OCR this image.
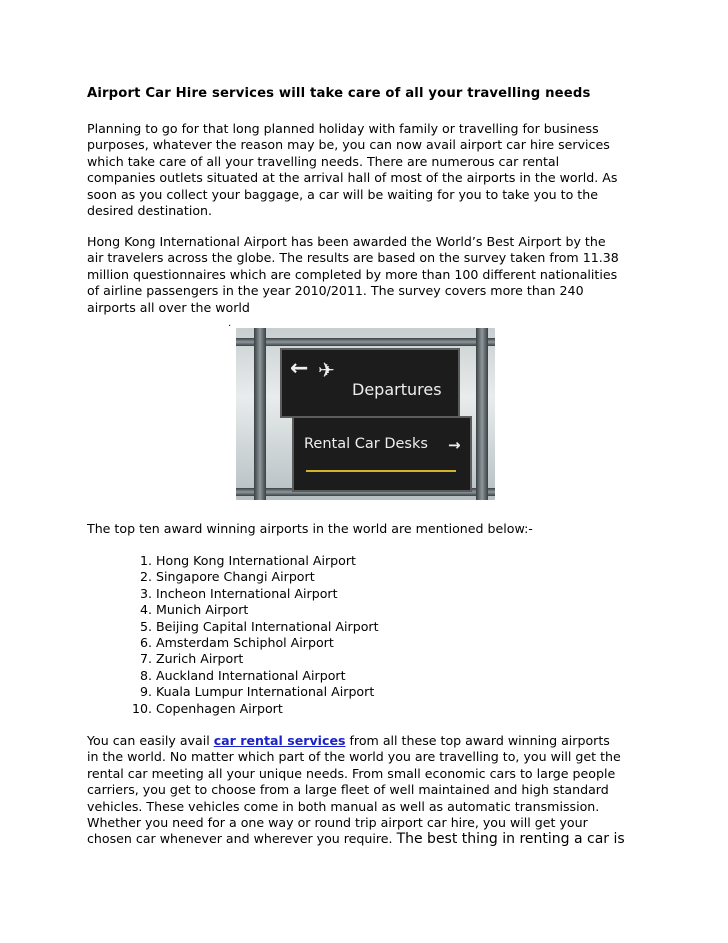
Airport Car Hire services will take care of all your travelling needs

Planning to go for that long planned holiday with family or travelling for business
purposes, whatever the reason may be, you can now avail airport car hire services
which take care of all your travelling needs. There are numerous car rental
companies outlets situated at the arrival hall of most of the airports in the world. As
soon as you collect your baggage, a car will be waiting for you to take you to the
desired destination.

Hong Kong International Airport has been awarded the World’s Best Airport by the
air travelers across the globe. The results are based on the survey taken from 11.38
million questionnaires which are completed by more than 100 different nationalities
of airline passengers in the year 2010/2011. The survey covers more than 240
airports all over the world

.
← ✈
Departures
Rental Car Desks →
The top ten award winning airports in the world are mentioned below:-
1. Hong Kong International Airport
2. Singapore Changi Airport
3. Incheon International Airport
4. Munich Airport
5. Beijing Capital International Airport
6. Amsterdam Schiphol Airport
7. Zurich Airport
8. Auckland International Airport
9. Kuala Lumpur International Airport
10. Copenhagen Airport

You can easily avail car rental services from all these top award winning airports
in the world. No matter which part of the world you are travelling to, you will get the
rental car meeting all your unique needs. From small economic cars to large people
carriers, you get to choose from a large fleet of well maintained and high standard
vehicles. These vehicles come in both manual as well as automatic transmission.
Whether you need for a one way or round trip airport car hire, you will get your
chosen car whenever and wherever you require. The best thing in renting a car is
